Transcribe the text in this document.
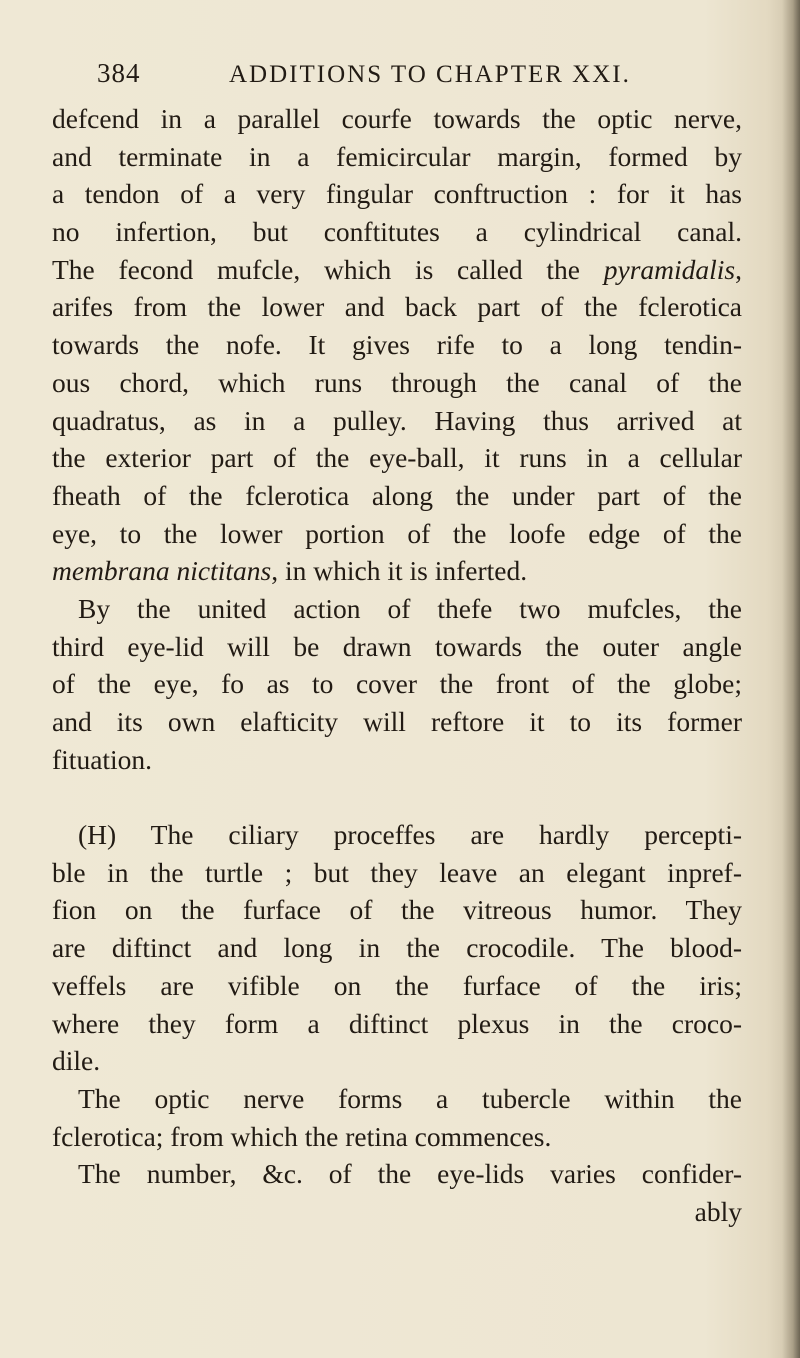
384	ADDITIONS TO CHAPTER XXI.
defcend in a parallel courfe towards the optic nerve,
and terminate in a femicircular margin, formed by
a tendon of a very fingular conftruction : for it has
no infertion, but conftitutes a cylindrical canal.
The fecond mufcle, which is called the pyramidalis,
arifes from the lower and back part of the fclerotica
towards the nofe. It gives rife to a long tendin-
ous chord, which runs through the canal of the
quadratus, as in a pulley. Having thus arrived at
the exterior part of the eye-ball, it runs in a cellular
fheath of the fclerotica along the under part of the
eye, to the lower portion of the loofe edge of the
membrana nictitans, in which it is inferted.
By the united action of thefe two mufcles, the
third eye-lid will be drawn towards the outer angle
of the eye, fo as to cover the front of the globe;
and its own elafticity will reftore it to its former
fituation.
(H) The ciliary proceffes are hardly percepti-
ble in the turtle ; but they leave an elegant inpref-
fion on the furface of the vitreous humor. They
are diftinct and long in the crocodile. The blood-
veffels are vifible on the furface of the iris;
where they form a diftinct plexus in the croco-
dile.
The optic nerve forms a tubercle within the
fclerotica; from which the retina commences.
The number, &c. of the eye-lids varies confider-
ably
